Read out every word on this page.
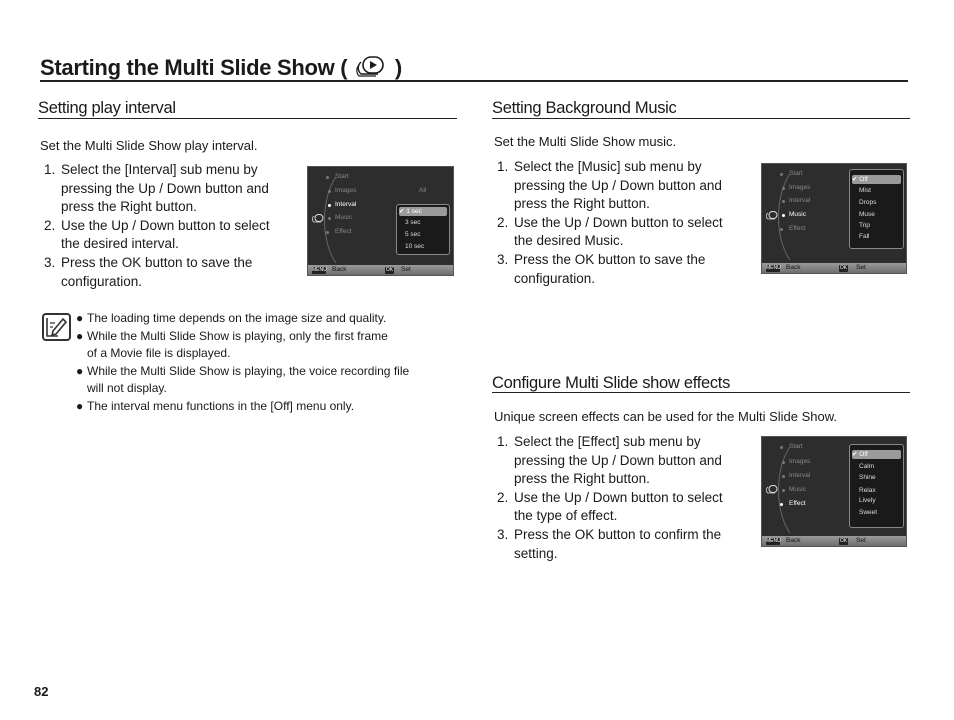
Starting the Multi Slide Show ( )
Setting play interval
Set the Multi Slide Show play interval.
1. Select the [Interval] sub menu by
pressing the Up / Down button and
press the Right button.
2. Use the Up / Down button to select
the desired interval.
3. Press the OK button to save the
configuration.
Start
Images
Interval
Music
Effect
All
✔ 1 sec
3 sec
5 sec
10 sec
MENU Back	OK Set
● The loading time depends on the image size and quality.
● While the Multi Slide Show is playing, only the first frame
of a Movie file is displayed.
● While the Multi Slide Show is playing, the voice recording file
will not display.
● The interval menu functions in the [Off] menu only.
Setting Background Music
Set the Multi Slide Show music.
1. Select the [Music] sub menu by
pressing the Up / Down button and
press the Right button.
2. Use the Up / Down button to select
the desired Music.
3. Press the OK button to save the
configuration.
Start
Images
Interval
Music
Effect
✔ Off
Mist
Drops
Muse
Trip
Fall
MENU Back	OK Set
Configure Multi Slide show effects
Unique screen effects can be used for the Multi Slide Show.
1. Select the [Effect] sub menu by
pressing the Up / Down button and
press the Right button.
2. Use the Up / Down button to select
the type of effect.
3. Press the OK button to confirm the
setting.
Start
Images
Interval
Music
Effect
✔ Off
Calm
Shine
Relax
Lively
Sweet
MENU Back	OK Set
82
